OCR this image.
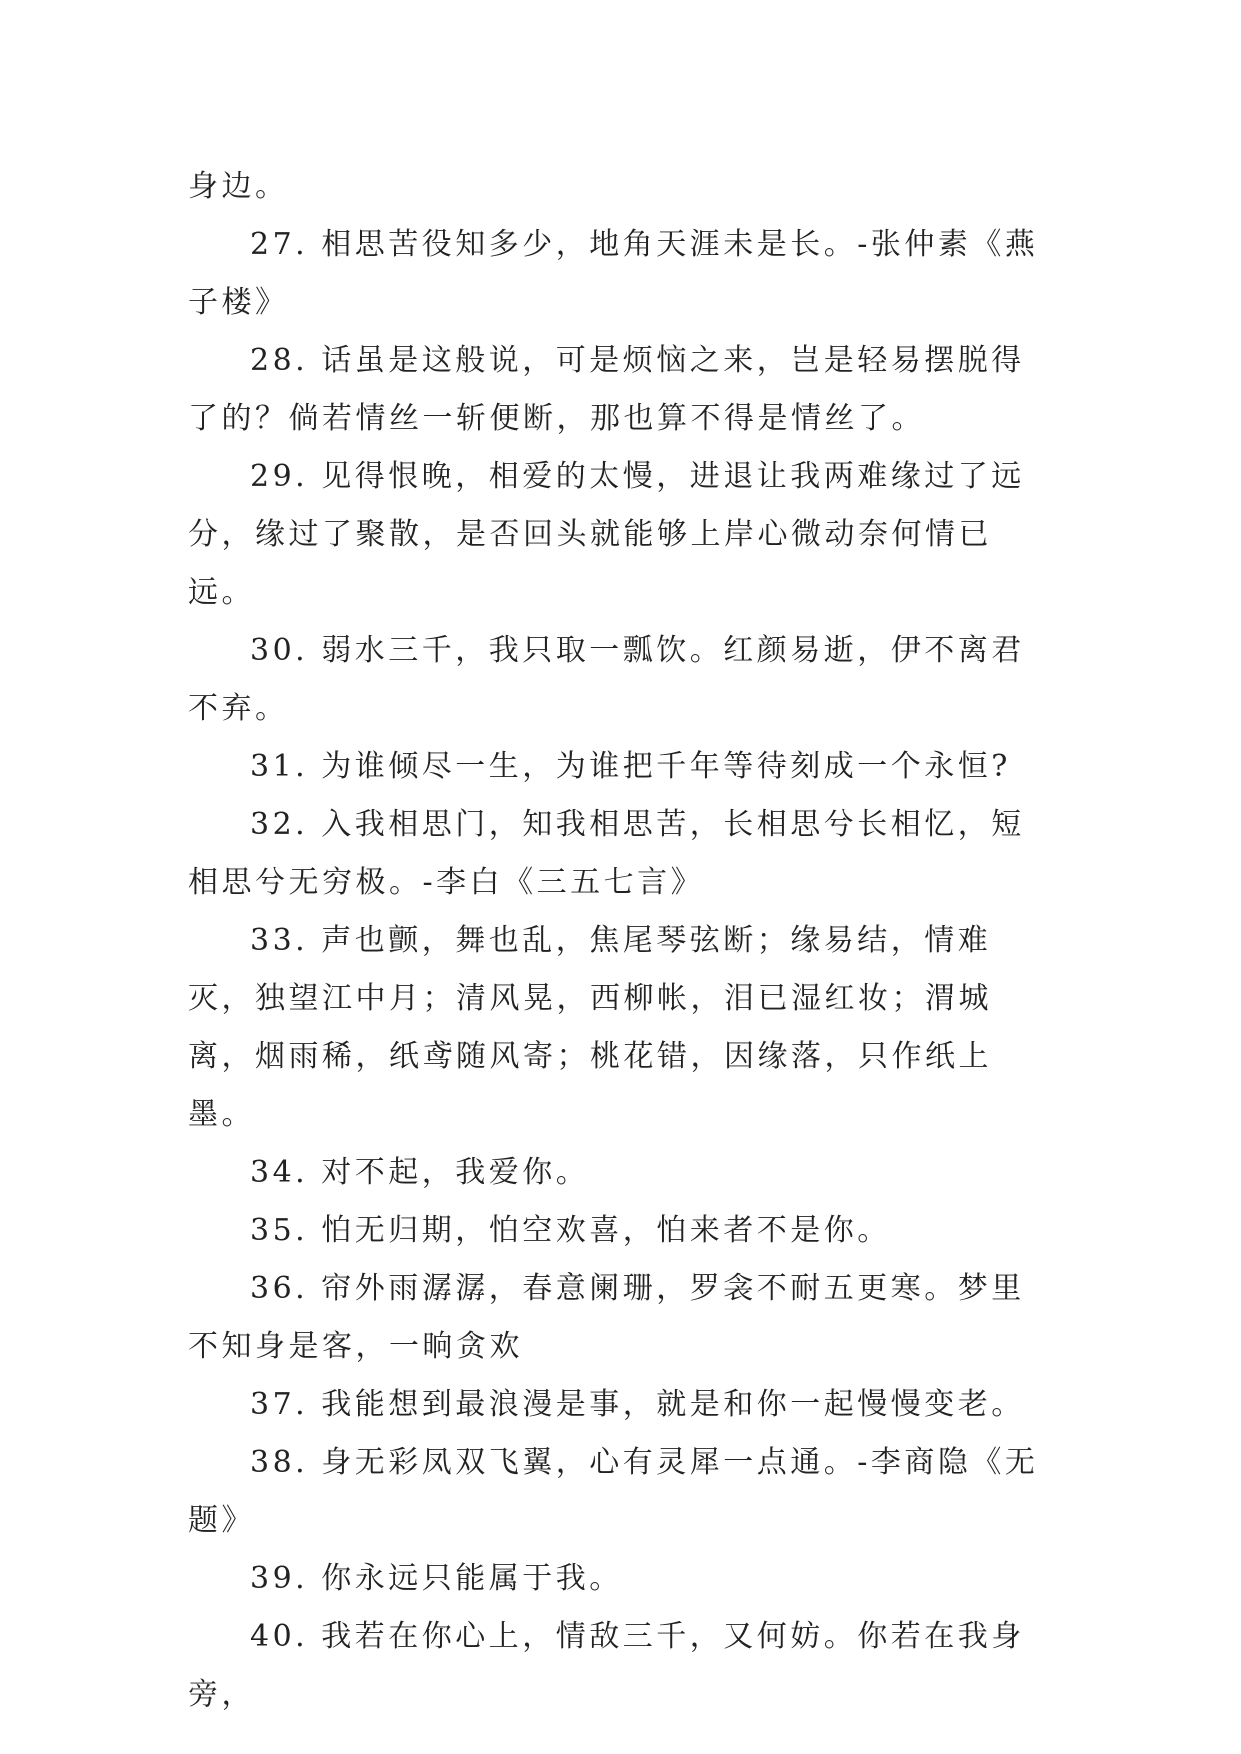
身边。

27. 相思苦役知多少，地角天涯未是长。-张仲素《燕子楼》

28. 话虽是这般说，可是烦恼之来，岂是轻易摆脱得了的？倘若情丝一斩便断，那也算不得是情丝了。

29. 见得恨晚，相爱的太慢，进退让我两难缘过了远分，缘过了聚散，是否回头就能够上岸心微动奈何情已远。

30. 弱水三千，我只取一瓢饮。红颜易逝，伊不离君不弃。

31. 为谁倾尽一生，为谁把千年等待刻成一个永恒?

32. 入我相思门，知我相思苦，长相思兮长相忆，短相思兮无穷极。-李白《三五七言》

33. 声也颤，舞也乱，焦尾琴弦断；缘易结，情难灭，独望江中月；清风晃，西柳帐，泪已湿红妆；渭城离，烟雨稀，纸鸢随风寄；桃花错，因缘落，只作纸上墨。

34. 对不起，我爱你。

35. 怕无归期，怕空欢喜，怕来者不是你。

36. 帘外雨潺潺，春意阑珊，罗衾不耐五更寒。梦里不知身是客，一晌贪欢

37. 我能想到最浪漫是事，就是和你一起慢慢变老。

38. 身无彩凤双飞翼，心有灵犀一点通。-李商隐《无题》

39. 你永远只能属于我。

40. 我若在你心上，情敌三千，又何妨。你若在我身旁，
